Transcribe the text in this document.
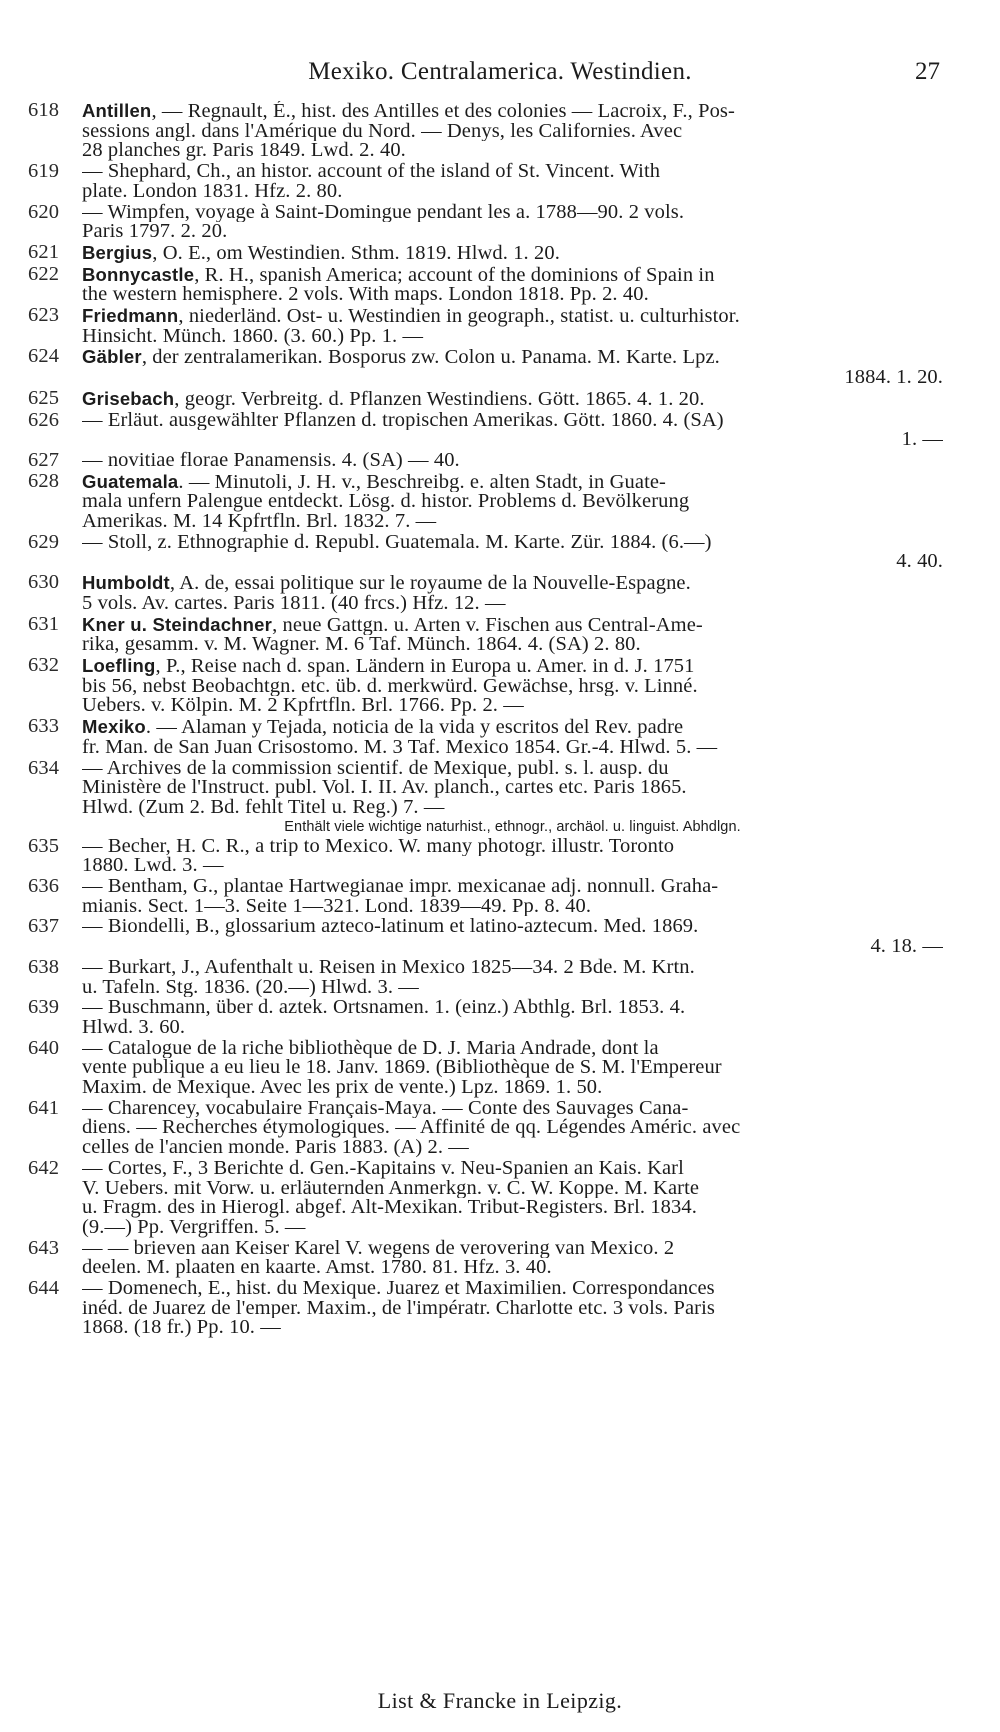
Mexiko. Centralamerica. Westindien.	27
618	Antillen, — Regnault, É., hist. des Antilles et des colonies — Lacroix, F., Pos-
sessions angl. dans l'Amérique du Nord. — Denys, les Californies. Avec
28 planches gr. Paris 1849. Lwd. 2. 40.
619	— Shephard, Ch., an histor. account of the island of St. Vincent. With
plate. London 1831. Hfz. 2. 80.
620	— Wimpfen, voyage à Saint-Domingue pendant les a. 1788—90. 2 vols.
Paris 1797. 2. 20.
621	Bergius, O. E., om Westindien. Sthm. 1819. Hlwd. 1. 20.
622	Bonnycastle, R. H., spanish America; account of the dominions of Spain in
the western hemisphere. 2 vols. With maps. London 1818. Pp. 2. 40.
623	Friedmann, niederländ. Ost- u. Westindien in geograph., statist. u. culturhistor.
Hinsicht. Münch. 1860. (3. 60.) Pp. 1. —
624	Gäbler, der zentralamerikan. Bosporus zw. Colon u. Panama. M. Karte. Lpz.
1884. 1. 20.
625	Grisebach, geogr. Verbreitg. d. Pflanzen Westindiens. Gött. 1865. 4. 1. 20.
626	— Erläut. ausgewählter Pflanzen d. tropischen Amerikas. Gött. 1860. 4. (SA)
1. —
627	— novitiae florae Panamensis. 4. (SA) — 40.
628	Guatemala. — Minutoli, J. H. v., Beschreibg. e. alten Stadt, in Guate-
mala unfern Palengue entdeckt. Lösg. d. histor. Problems d. Bevölkerung
Amerikas. M. 14 Kpfrtfln. Brl. 1832. 7. —
629	— Stoll, z. Ethnographie d. Republ. Guatemala. M. Karte. Zür. 1884. (6.—)
4. 40.
630	Humboldt, A. de, essai politique sur le royaume de la Nouvelle-Espagne.
5 vols. Av. cartes. Paris 1811. (40 frcs.) Hfz. 12. —
631	Kner u. Steindachner, neue Gattgn. u. Arten v. Fischen aus Central-Ame-
rika, gesamm. v. M. Wagner. M. 6 Taf. Münch. 1864. 4. (SA) 2. 80.
632	Loefling, P., Reise nach d. span. Ländern in Europa u. Amer. in d. J. 1751
bis 56, nebst Beobachtgn. etc. üb. d. merkwürd. Gewächse, hrsg. v. Linné.
Uebers. v. Kölpin. M. 2 Kpfrtfln. Brl. 1766. Pp. 2. —
633	Mexiko. — Alaman y Tejada, noticia de la vida y escritos del Rev. padre
fr. Man. de San Juan Crisostomo. M. 3 Taf. Mexico 1854. Gr.-4. Hlwd. 5. —
634	— Archives de la commission scientif. de Mexique, publ. s. l. ausp. du
Ministère de l'Instruct. publ. Vol. I. II. Av. planch., cartes etc. Paris 1865.
Hlwd. (Zum 2. Bd. fehlt Titel u. Reg.) 7. —
Enthält viele wichtige naturhist., ethnogr., archäol. u. linguist. Abhdlgn.
635	— Becher, H. C. R., a trip to Mexico. W. many photogr. illustr. Toronto
1880. Lwd. 3. —
636	— Bentham, G., plantae Hartwegianae impr. mexicanae adj. nonnull. Graha-
mianis. Sect. 1—3. Seite 1—321. Lond. 1839—49. Pp. 8. 40.
637	— Biondelli, B., glossarium azteco-latinum et latino-aztecum. Med. 1869.
4. 18. —
638	— Burkart, J., Aufenthalt u. Reisen in Mexico 1825—34. 2 Bde. M. Krtn.
u. Tafeln. Stg. 1836. (20.—) Hlwd. 3. —
639	— Buschmann, über d. aztek. Ortsnamen. 1. (einz.) Abthlg. Brl. 1853. 4.
Hlwd. 3. 60.
640	— Catalogue de la riche bibliothèque de D. J. Maria Andrade, dont la
vente publique a eu lieu le 18. Janv. 1869. (Bibliothèque de S. M. l'Empereur
Maxim. de Mexique. Avec les prix de vente.) Lpz. 1869. 1. 50.
641	— Charencey, vocabulaire Français-Maya. — Conte des Sauvages Cana-
diens. — Recherches étymologiques. — Affinité de qq. Légendes Améric. avec
celles de l'ancien monde. Paris 1883. (A) 2. —
642	— Cortes, F., 3 Berichte d. Gen.-Kapitains v. Neu-Spanien an Kais. Karl
V. Uebers. mit Vorw. u. erläuternden Anmerkgn. v. C. W. Koppe. M. Karte
u. Fragm. des in Hierogl. abgef. Alt-Mexikan. Tribut-Registers. Brl. 1834.
(9.—) Pp. Vergriffen. 5. —
643	— — brieven aan Keiser Karel V. wegens de verovering van Mexico. 2
deelen. M. plaaten en kaarte. Amst. 1780. 81. Hfz. 3. 40.
644	— Domenech, E., hist. du Mexique. Juarez et Maximilien. Correspondances
inéd. de Juarez de l'emper. Maxim., de l'impératr. Charlotte etc. 3 vols. Paris
1868. (18 fr.) Pp. 10. —
List & Francke in Leipzig.
